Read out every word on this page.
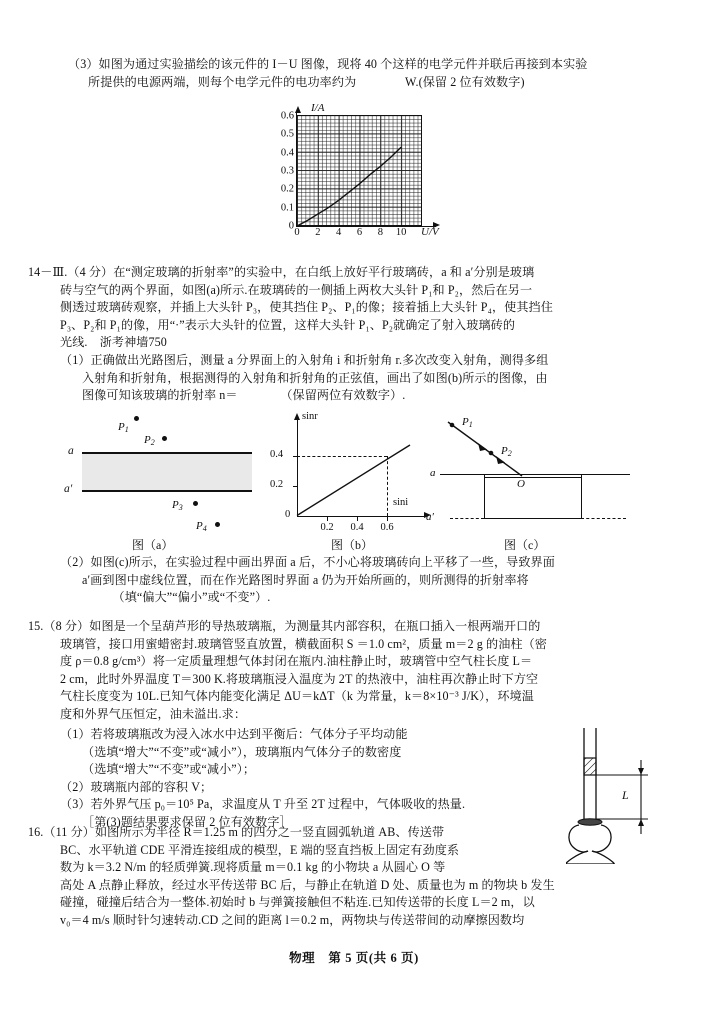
（3）如图为通过实验描绘的该元件的 I－U 图像，现将 40 个这样的电学元件并联后再接到本实验
所提供的电源两端，则每个电学元件的电功率约为　　　　W.(保留 2 位有效数字)
I/A
U/V
0
0.1
0.2
0.3
0.4
0.5
0.6
0 2 4 6 8 10
14－Ⅲ.（4 分）在“测定玻璃的折射率”的实验中，在白纸上放好平行玻璃砖，a 和 a′分别是玻璃
砖与空气的两个界面，如图(a)所示.在玻璃砖的一侧插上两枚大头针 P₁和 P₂，然后在另一
侧透过玻璃砖观察，并插上大头针 P₃，使其挡住 P₂、P₁的像；接着插上大头针 P₄，使其挡住
P₃、P₂和 P₁的像，用“·”表示大头针的位置，这样大头针 P₁、P₂就确定了射入玻璃砖的
光线.　浙考神墙750
（1）正确做出光路图后，测量 a 分界面上的入射角 i 和折射角 r.多次改变入射角，测得多组
入射角和折射角，根据测得的入射角和折射角的正弦值，画出了如图(b)所示的图像，由
图像可知该玻璃的折射率 n＝　　　　（保留两位有效数字）.
a
a′
$P_1$
$P_2$
$P_3$
$P_4$
图（a）
sinr
sini
0.4
0.2
0
0.2 0.4 0.6
图（b）
a
a′
O
$P_1$
$P_2$
图（c）
（2）如图(c)所示，在实验过程中画出界面 a 后，不小心将玻璃砖向上平移了一些，导致界面
a′画到图中虚线位置，而在作光路图时界面 a 仍为开始所画的，则所测得的折射率将　　
　　　（填“偏大”“偏小”或“不变”）.
15.（8 分）如图是一个呈葫芦形的导热玻璃瓶，为测量其内部容积，在瓶口插入一根两端开口的
玻璃管，接口用蜜蜡密封.玻璃管竖直放置，横截面积 S ＝1.0 cm²，质量 m＝2 g 的油柱（密
度 ρ＝0.8 g/cm³）将一定质量理想气体封闭在瓶内.油柱静止时，玻璃管中空气柱长度 L＝
2 cm，此时外界温度 T＝300 K.将玻璃瓶浸入温度为 2T 的热液中，油柱再次静止时下方空
气柱长度变为 10L.已知气体内能变化满足 ΔU＝kΔT（k 为常量，k＝8×10⁻³ J/K），环境温
度和外界气压恒定，油未溢出.求：
（1）若将玻璃瓶改为浸入冰水中达到平衡后：气体分子平均动能　　　　
（选填“增大”“不变”或“减小”），玻璃瓶内气体分子的数密度　　　　
（选填“增大”“不变”或“减小”）；
（2）玻璃瓶内部的容积 V；
（3）若外界气压 p₀＝10⁵ Pa，求温度从 T 升至 2T 过程中，气体吸收的热量.
［第(3)题结果要求保留 2 位有效数字］
L
16.（11 分）如图所示为半径 R＝1.25 m 的四分之一竖直圆弧轨道 AB、传送带
BC、水平轨道 CDE 平滑连接组成的模型，E 端的竖直挡板上固定有劲度系
数为 k＝3.2 N/m 的轻质弹簧.现将质量 m＝0.1 kg 的小物块 a 从圆心 O 等
高处 A 点静止释放，经过水平传送带 BC 后，与静止在轨道 D 处、质量也为 m 的物块 b 发生
碰撞，碰撞后结合为一整体.初始时 b 与弹簧接触但不粘连.已知传送带的长度 L＝2 m，以
v₀＝4 m/s 顺时针匀速转动.CD 之间的距离 l＝0.2 m，两物块与传送带间的动摩擦因数均
物理　第 5 页(共 6 页)
